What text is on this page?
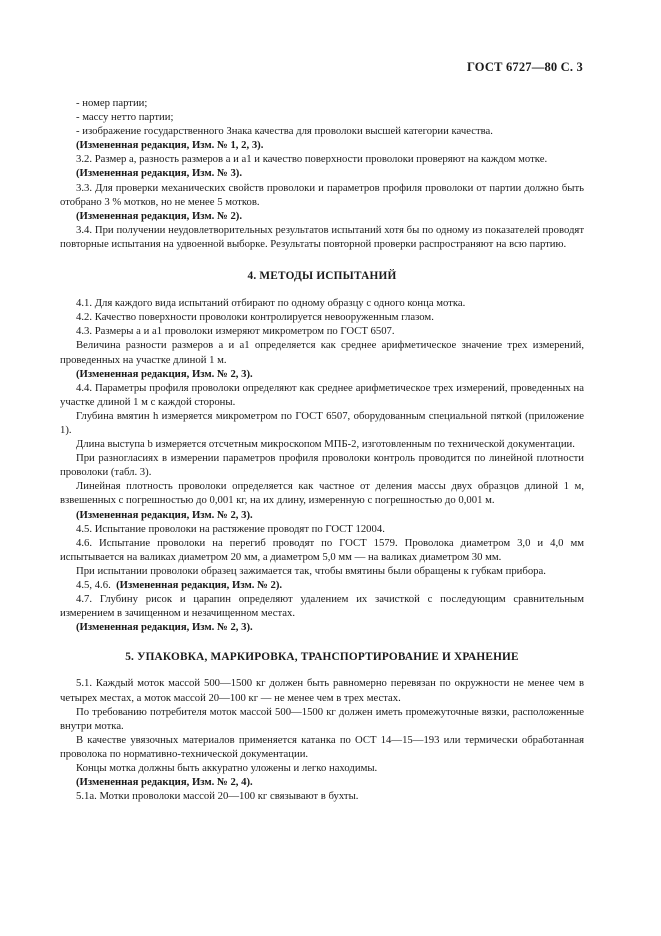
ГОСТ 6727—80 С. 3

- номер партии;

- массу нетто партии;

- изображение государственного Знака качества для проволоки высшей категории качества.

(Измененная редакция, Изм. № 1, 2, 3).

3.2. Размер a, разность размеров a и a1 и качество поверхности проволоки проверяют на каждом мотке.

(Измененная редакция, Изм. № 3).

3.3. Для проверки механических свойств проволоки и параметров профиля проволоки от партии должно быть отобрано 3 % мотков, но не менее 5 мотков.

(Измененная редакция, Изм. № 2).

3.4. При получении неудовлетворительных результатов испытаний хотя бы по одному из показателей проводят повторные испытания на удвоенной выборке. Результаты повторной проверки распространяют на всю партию.

4. МЕТОДЫ ИСПЫТАНИЙ

4.1. Для каждого вида испытаний отбирают по одному образцу с одного конца мотка.

4.2. Качество поверхности проволоки контролируется невооруженным глазом.

4.3. Размеры a и a1 проволоки измеряют микрометром по ГОСТ 6507.

Величина разности размеров a и a1 определяется как среднее арифметическое значение трех измерений, проведенных на участке длиной 1 м.

(Измененная редакция, Изм. № 2, 3).

4.4. Параметры профиля проволоки определяют как среднее арифметическое трех измерений, проведенных на участке длиной 1 м с каждой стороны.

Глубина вмятин h измеряется микрометром по ГОСТ 6507, оборудованным специальной пяткой (приложение 1).

Длина выступа b измеряется отсчетным микроскопом МПБ-2, изготовленным по технической документации.

При разногласиях в измерении параметров профиля проволоки контроль проводится по линейной плотности проволоки (табл. 3).

Линейная плотность проволоки определяется как частное от деления массы двух образцов длиной 1 м, взвешенных с погрешностью до 0,001 кг, на их длину, измеренную с погрешностью до 0,001 м.

(Измененная редакция, Изм. № 2, 3).

4.5. Испытание проволоки на растяжение проводят по ГОСТ 12004.

4.6. Испытание проволоки на перегиб проводят по ГОСТ 1579. Проволока диаметром 3,0 и 4,0 мм испытывается на валиках диаметром 20 мм, а диаметром 5,0 мм — на валиках диаметром 30 мм.

При испытании проволоки образец зажимается так, чтобы вмятины были обращены к губкам прибора.

4.5, 4.6. (Измененная редакция, Изм. № 2).

4.7. Глубину рисок и царапин определяют удалением их зачисткой с последующим сравнительным измерением в зачищенном и незачищенном местах.

(Измененная редакция, Изм. № 2, 3).

5. УПАКОВКА, МАРКИРОВКА, ТРАНСПОРТИРОВАНИЕ И ХРАНЕНИЕ

5.1. Каждый моток массой 500—1500 кг должен быть равномерно перевязан по окружности не менее чем в четырех местах, а моток массой 20—100 кг — не менее чем в трех местах.

По требованию потребителя моток массой 500—1500 кг должен иметь промежуточные вязки, расположенные внутри мотка.

В качестве увязочных материалов применяется катанка по ОСТ 14—15—193 или термически обработанная проволока по нормативно-технической документации.

Концы мотка должны быть аккуратно уложены и легко находимы.

(Измененная редакция, Изм. № 2, 4).

5.1а. Мотки проволоки массой 20—100 кг связывают в бухты.
